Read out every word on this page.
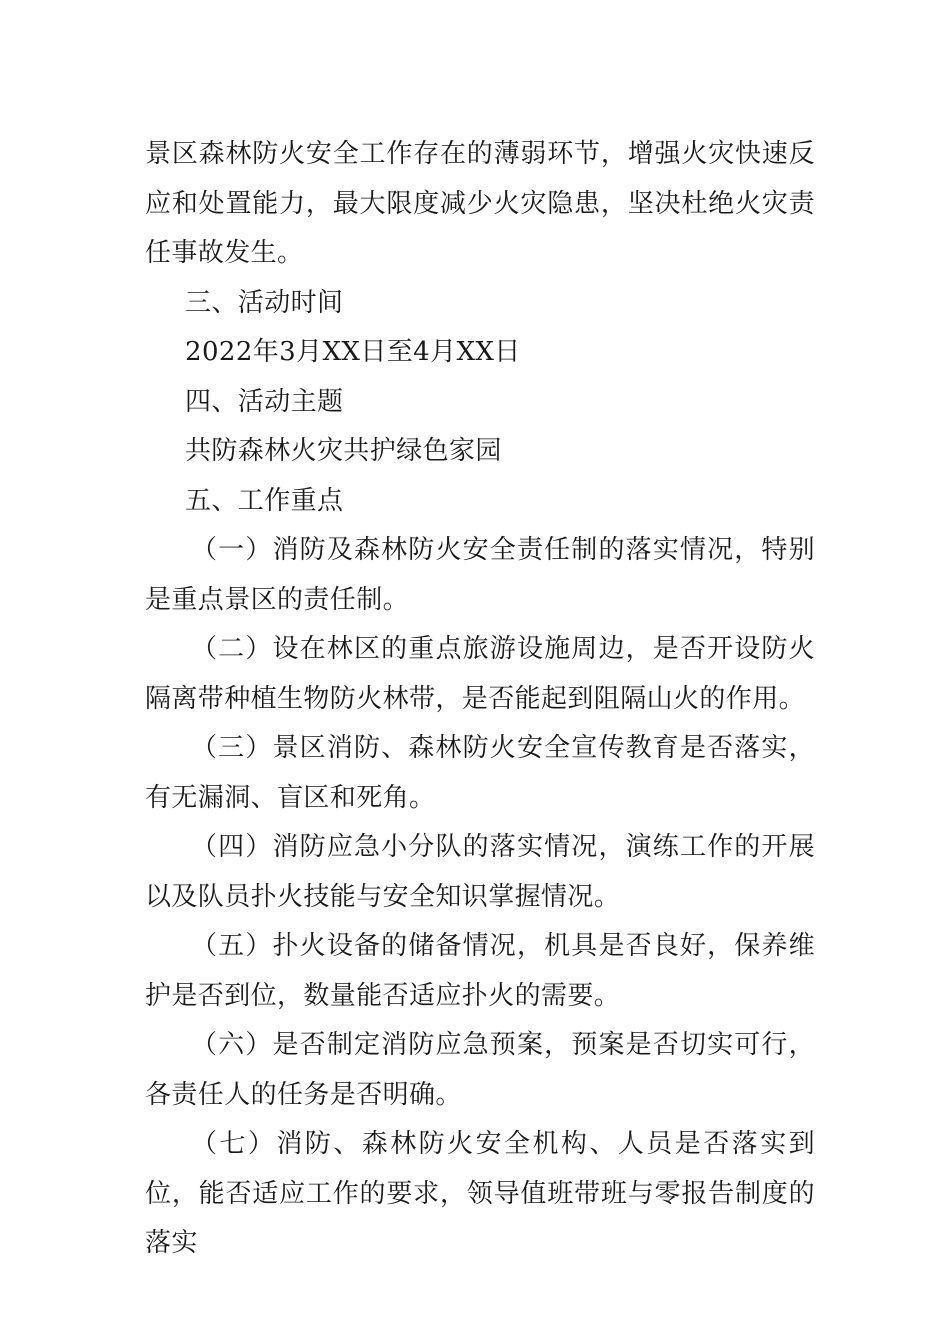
景区森林防火安全工作存在的薄弱环节，增强火灾快速反应和处置能力，最大限度减少火灾隐患，坚决杜绝火灾责任事故发生。

三、活动时间

2022年3月XX日至4月XX日

四、活动主题

共防森林火灾共护绿色家园

五、工作重点

（一）消防及森林防火安全责任制的落实情况，特别是重点景区的责任制。

（二）设在林区的重点旅游设施周边，是否开设防火隔离带种植生物防火林带，是否能起到阻隔山火的作用。

（三）景区消防、森林防火安全宣传教育是否落实，有无漏洞、盲区和死角。

（四）消防应急小分队的落实情况，演练工作的开展以及队员扑火技能与安全知识掌握情况。

（五）扑火设备的储备情况，机具是否良好，保养维护是否到位，数量能否适应扑火的需要。

（六）是否制定消防应急预案，预案是否切实可行，各责任人的任务是否明确。

（七）消防、森林防火安全机构、人员是否落实到位，能否适应工作的要求，领导值班带班与零报告制度的落实
